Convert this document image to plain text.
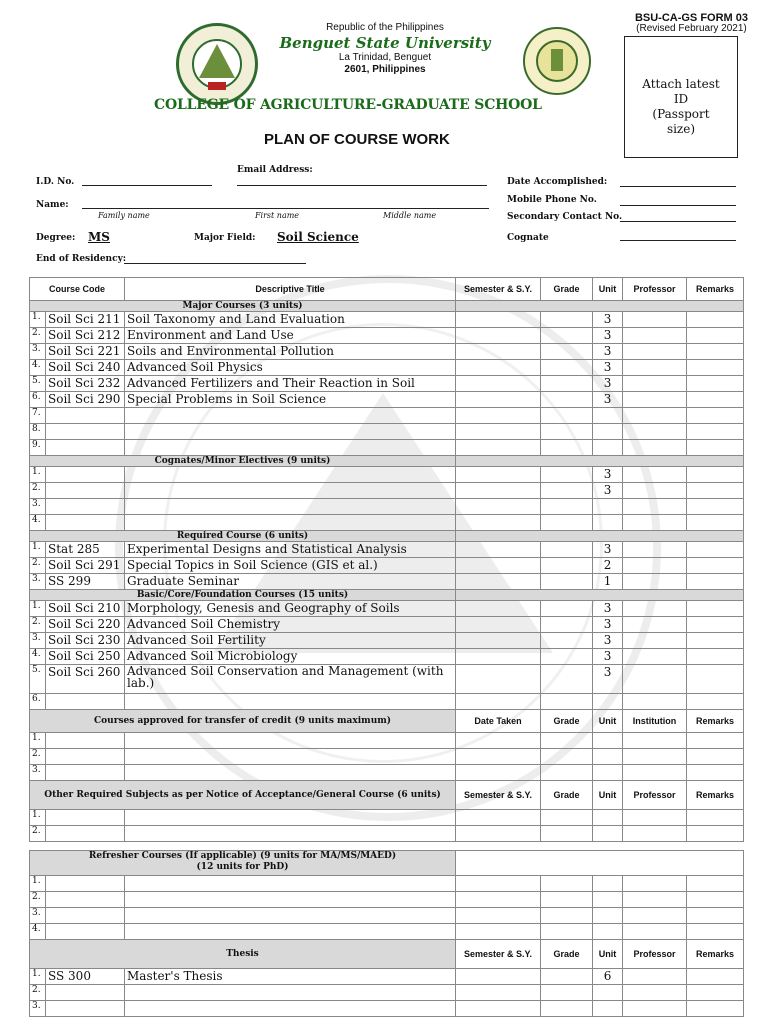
BSU-CA-GS FORM 03
(Revised February 2021)
Republic of the Philippines
Benguet State University
La Trinidad, Benguet
2601, Philippines
Attach latest
ID
(Passport
size)
COLLEGE OF AGRICULTURE-GRADUATE SCHOOL
PLAN OF COURSE WORK
Email Address:
I.D. No.
Name:
Family name	First name	Middle name
Degree: MS	Major Field: Soil Science
End of Residency:
Date Accomplished:
Mobile Phone No.
Secondary Contact No.
Cognate
Course Code		Descriptive Title	Semester & S.Y.	Grade	Unit	Professor	Remarks
Major Courses (3 units)							
1.	Soil Sci 211	Soil Taxonomy and Land Evaluation			3		
2.	Soil Sci 212	Environment and Land Use			3		
3.	Soil Sci 221	Soils and Environmental Pollution			3		
4.	Soil Sci 240	Advanced Soil Physics			3		
5.	Soil Sci 232	Advanced Fertilizers and Their Reaction in Soil			3		
6.	Soil Sci 290	Special Problems in Soil Science			3		
7.							
8.							
9.							
Cognates/Minor Electives (9 units)							
1.					3		
2.					3		
3.							
4.							
Required Course (6 units)							
1.	Stat 285	Experimental Designs and Statistical Analysis			3		
2.	Soil Sci 291	Special Topics in Soil Science (GIS et al.)			2		
3.	SS 299	Graduate Seminar			1		
Basic/Core/Foundation Courses (15 units)							
1.	Soil Sci 210	Morphology, Genesis and Geography of Soils			3		
2.	Soil Sci 220	Advanced Soil Chemistry			3		
3.	Soil Sci 230	Advanced Soil Fertility			3		
4.	Soil Sci 250	Advanced Soil Microbiology			3		
5.	Soil Sci 260	Advanced Soil Conservation and Management (with lab.)			3		
6.							
Courses approved for transfer of credit (9 units maximum)			Date Taken	Grade	Unit	Institution	Remarks
1.							
2.							
3.							
Other Required Subjects as per Notice of Acceptance/General Course (6 units)			Semester & S.Y.	Grade	Unit	Professor	Remarks
1.							
2.							

Refresher Courses (If applicable) (9 units for MA/MS/MAED)
(12 units for PhD)							

1.							
2.							
3.							
4.							
Thesis			Semester & S.Y.	Grade	Unit	Professor	Remarks
1.	SS 300	Master's Thesis			6		
2.							
3.							
